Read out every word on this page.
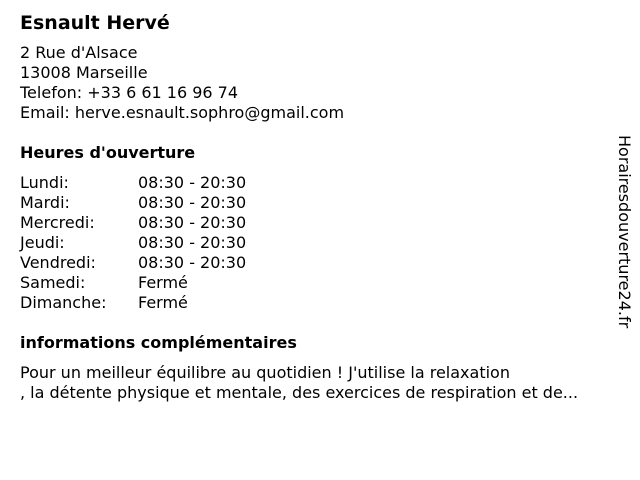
Esnault Hervé
2 Rue d'Alsace
13008 Marseille
Telefon: +33 6 61 16 96 74
Email: herve.esnault.sophro@gmail.com
Heures d'ouverture
Lundi:	08:30 - 20:30
Mardi:	08:30 - 20:30
Mercredi:	08:30 - 20:30
Jeudi:	08:30 - 20:30
Vendredi:	08:30 - 20:30
Samedi:	Fermé
Dimanche:	Fermé
informations complémentaires
Pour un meilleur équilibre au quotidien ! J'utilise la relaxation
, la détente physique et mentale, des exercices de respiration et de...
Horairesdouverture24.fr
